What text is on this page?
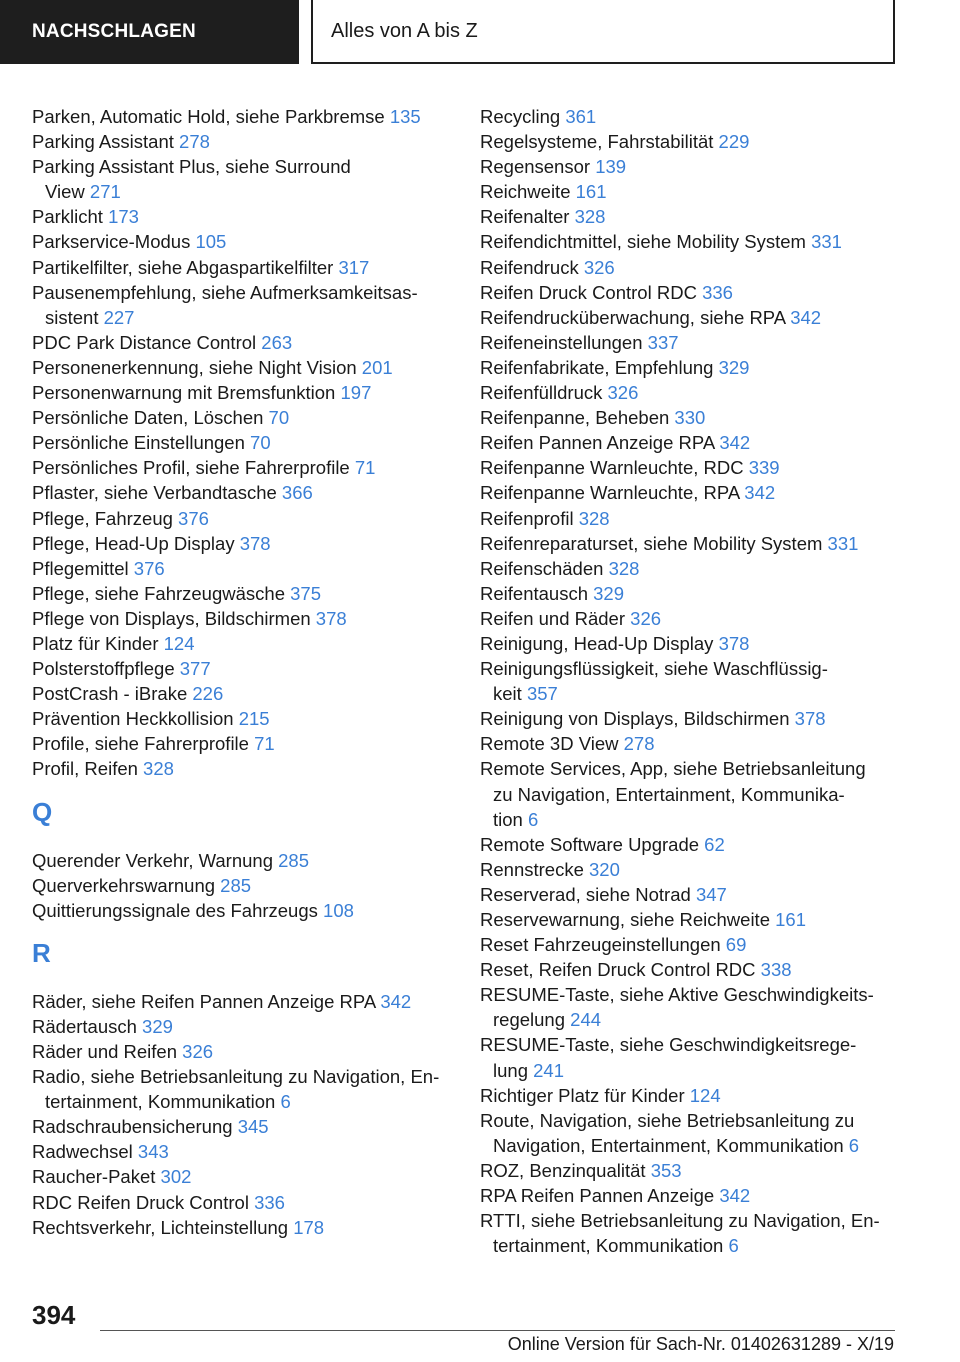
NACHSCHLAGEN	Alles von A bis Z
Parken, Automatic Hold, siehe Parkbremse 135
Parking Assistant 278
Parking Assistant Plus, siehe Surround
View 271
Parklicht 173
Parkservice-Modus 105
Partikelfilter, siehe Abgaspartikelfilter 317
Pausenempfehlung, siehe Aufmerksamkeitsas-
sistent 227
PDC Park Distance Control 263
Personenerkennung, siehe Night Vision 201
Personenwarnung mit Bremsfunktion 197
Persönliche Daten, Löschen 70
Persönliche Einstellungen 70
Persönliches Profil, siehe Fahrerprofile 71
Pflaster, siehe Verbandtasche 366
Pflege, Fahrzeug 376
Pflege, Head-Up Display 378
Pflegemittel 376
Pflege, siehe Fahrzeugwäsche 375
Pflege von Displays, Bildschirmen 378
Platz für Kinder 124
Polsterstoffpflege 377
PostCrash - iBrake 226
Prävention Heckkollision 215
Profile, siehe Fahrerprofile 71
Profil, Reifen 328
Q
Querender Verkehr, Warnung 285
Querverkehrswarnung 285
Quittierungssignale des Fahrzeugs 108
R
Räder, siehe Reifen Pannen Anzeige RPA 342
Rädertausch 329
Räder und Reifen 326
Radio, siehe Betriebsanleitung zu Navigation, En-
tertainment, Kommunikation 6
Radschraubensicherung 345
Radwechsel 343
Raucher-Paket 302
RDC Reifen Druck Control 336
Rechtsverkehr, Lichteinstellung 178
Recycling 361
Regelsysteme, Fahrstabilität 229
Regensensor 139
Reichweite 161
Reifenalter 328
Reifendichtmittel, siehe Mobility System 331
Reifendruck 326
Reifen Druck Control RDC 336
Reifendrucküberwachung, siehe RPA 342
Reifeneinstellungen 337
Reifenfabrikate, Empfehlung 329
Reifenfülldruck 326
Reifenpanne, Beheben 330
Reifen Pannen Anzeige RPA 342
Reifenpanne Warnleuchte, RDC 339
Reifenpanne Warnleuchte, RPA 342
Reifenprofil 328
Reifenreparaturset, siehe Mobility System 331
Reifenschäden 328
Reifentausch 329
Reifen und Räder 326
Reinigung, Head-Up Display 378
Reinigungsflüssigkeit, siehe Waschflüssig-
keit 357
Reinigung von Displays, Bildschirmen 378
Remote 3D View 278
Remote Services, App, siehe Betriebsanleitung
zu Navigation, Entertainment, Kommunika-
tion 6
Remote Software Upgrade 62
Rennstrecke 320
Reserverad, siehe Notrad 347
Reservewarnung, siehe Reichweite 161
Reset Fahrzeugeinstellungen 69
Reset, Reifen Druck Control RDC 338
RESUME-Taste, siehe Aktive Geschwindigkeits-
regelung 244
RESUME-Taste, siehe Geschwindigkeitsrege-
lung 241
Richtiger Platz für Kinder 124
Route, Navigation, siehe Betriebsanleitung zu
Navigation, Entertainment, Kommunikation 6
ROZ, Benzinqualität 353
RPA Reifen Pannen Anzeige 342
RTTI, siehe Betriebsanleitung zu Navigation, En-
tertainment, Kommunikation 6
394
Online Version für Sach-Nr. 01402631289 - X/19
